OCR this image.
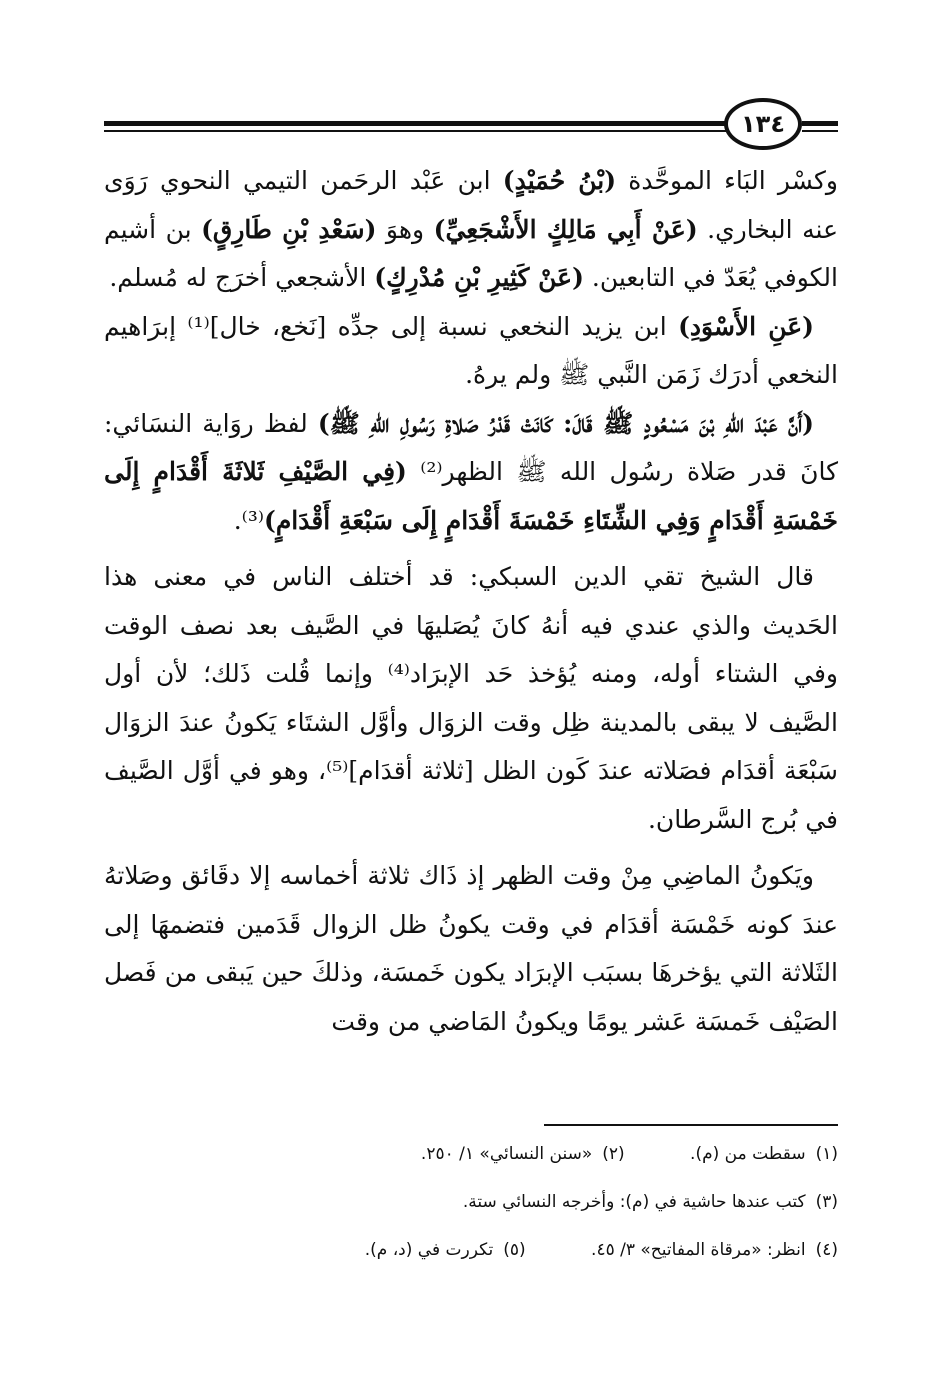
١٣٤

وكسْر البَاء الموحَّدة (بْنُ حُمَيْدٍ) ابن عَبْد الرحَمن التيمي النحوي رَوَى عنه البخاري. (عَنْ أَبِي مَالِكٍ الأَشْجَعِيِّ) وهوَ (سَعْدِ بْنِ طَارِقٍ) بن أشيم الكوفي يُعَدّ في التابعين. (عَنْ كَثِيرِ بْنِ مُدْرِكٍ) الأشجعي أخرَج له مُسلم.

(عَنِ الأَسْوَدِ) ابن يزيد النخعي نسبة إلى جدِّه [نَخع، خال]⁽¹⁾ إبرَاهيم النخعي أدرَك زَمَن النَّبي ﷺ ولم يرهُ.

(أَنَّ عَبْدَ اللهِ بْنَ مَسْعُودٍ ﷺ قَالَ: كَانَتْ قَدْرُ صَلاةِ رَسُولِ اللهِ ﷺ) لفظ روَاية النسَائي: كانَ قدر صَلاة رسُول الله ﷺ الظهر⁽²⁾ (فِي الصَّيْفِ ثَلاثَةَ أَقْدَامٍ إِلَى خَمْسَةِ أَقْدَامٍ وَفِي الشِّتَاءِ خَمْسَةَ أَقْدَامٍ إِلَى سَبْعَةِ أَقْدَامٍ)⁽³⁾.

قال الشيخ تقي الدين السبكي: قد أختلف الناس في معنى هذا الحَديث والذي عندي فيه أنهُ كانَ يُصَليهَا في الصَّيف بعد نصف الوقت وفي الشتاء أوله، ومنه يُؤخذ حَد الإبرَاد⁽⁴⁾ وإنما قُلت ذَلك؛ لأن أول الصَّيف لا يبقى بالمدينة ظِل وقت الزوَال وأوَّل الشتَاء يَكونُ عندَ الزوَال سَبْعَة أقدَام فصَلاته عندَ كَون الظل [ثلاثة أقدَام]⁽⁵⁾، وهو في أوَّل الصَّيف في بُرج السَّرطان.

ويَكونُ الماضِي مِنْ وقت الظهر إذ ذَاك ثلاثة أخماسه إلا دقَائق وصَلاتهُ عندَ كونه خَمْسَة أقدَام في وقت يكونُ ظل الزوال قَدَمين فتضمهَا إلى الثَلاثة التي يؤخرهَا بسبَب الإبرَاد يكون خَمسَة، وذلكَ حين يَبقى من فَصل الصَيْف خَمسَة عَشر يومًا ويكونُ المَاضي من وقت

(١)سقطت من (م). (٢)«سنن النسائي» ١/ ٢٥٠.
(٣)كتب عندها حاشية في (م): وأخرجه النسائي ستة.
(٤)انظر: «مرقاة المفاتيح» ٣/ ٤٥. (٥)تكررت في (د، م).
